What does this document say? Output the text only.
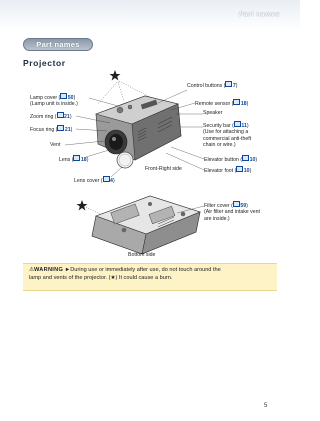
Part names
Part names
Projector
Control buttons ( 7)
Lamp cover ( 50)
(Lamp unit is inside.)	Remote sensor ( 18)
Speaker
Zoom ring ( 21)
Security bar ( 11)
(Use for attaching a
commercial anti-theft
chain or wire.)
Focus ring ( 21)
Vent
Lens ( 18)	Elevator button ( 10)
Front-Right side	Elevator foot ( 10)
Lens cover ( 4)
Filter cover ( 59)
(Air filter and intake vent
are inside.)
Bottom side
⚠WARNING ►During use or immediately after use, do not touch around the
lamp and vents of the projector. (★) It could cause a burn.
5
